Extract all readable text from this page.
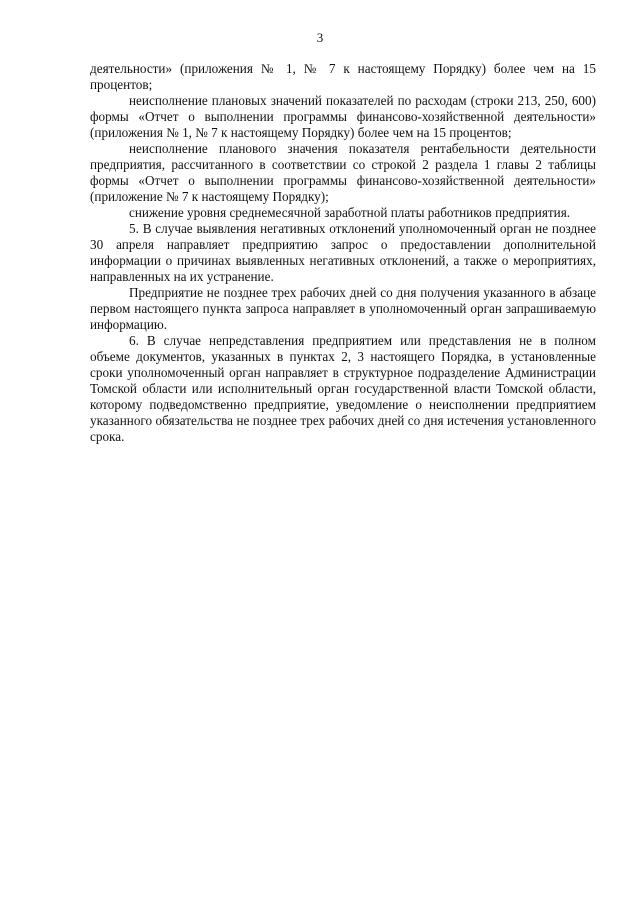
3

деятельности» (приложения № 1, № 7 к настоящему Порядку) более чем на 15 процентов;

неисполнение плановых значений показателей по расходам (строки 213, 250, 600) формы «Отчет о выполнении программы финансово-хозяйственной деятельности» (приложения № 1, № 7 к настоящему Порядку) более чем на 15 процентов;

неисполнение планового значения показателя рентабельности деятельности предприятия, рассчитанного в соответствии со строкой 2 раздела 1 главы 2 таблицы формы «Отчет о выполнении программы финансово-хозяйственной деятельности» (приложение № 7 к настоящему Порядку);

снижение уровня среднемесячной заработной платы работников предприятия.

5. В случае выявления негативных отклонений уполномоченный орган не позднее 30 апреля направляет предприятию запрос о предоставлении дополнительной информации о причинах выявленных негативных отклонений, а также о мероприятиях, направленных на их устранение.

Предприятие не позднее трех рабочих дней со дня получения указанного в абзаце первом настоящего пункта запроса направляет в уполномоченный орган запрашиваемую информацию.

6. В случае непредставления предприятием или представления не в полном объеме документов, указанных в пунктах 2, 3 настоящего Порядка, в установленные сроки уполномоченный орган направляет в структурное подразделение Администрации Томской области или исполнительный орган государственной власти Томской области, которому подведомственно предприятие, уведомление о неисполнении предприятием указанного обязательства не позднее трех рабочих дней со дня истечения установленного срока.
